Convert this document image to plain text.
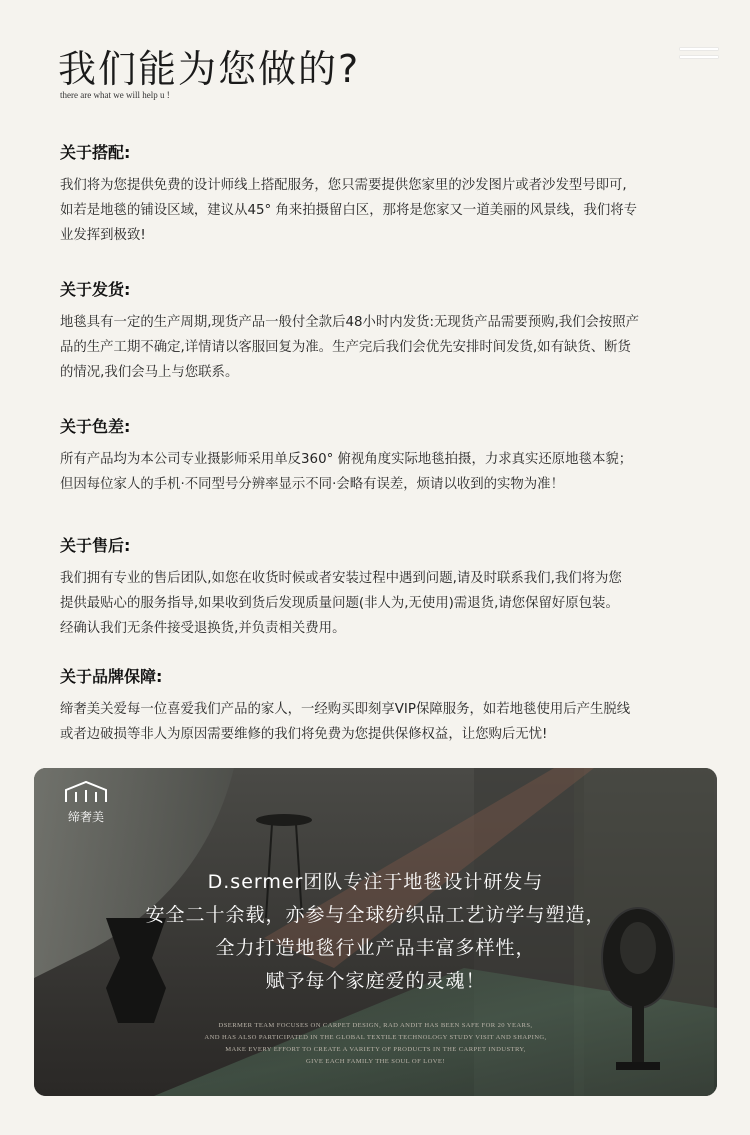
我们能为您做的?
there are what we will help u !
关于搭配:

我们将为您提供免费的设计师线上搭配服务，您只需要提供您家里的沙发图片或者沙发型号即可,
如若是地毯的铺设区域，建议从45° 角来拍摄留白区，那将是您家又一道美丽的风景线，我们将专
业发挥到极致!

关于发货:

地毯具有一定的生产周期,现货产品一般付全款后48小时内发货:无现货产品需要预购,我们会按照产
品的生产工期不确定,详情请以客服回复为准。生产完后我们会优先安排时间发货,如有缺货、断货
的情况,我们会马上与您联系。

关于色差:

所有产品均为本公司专业摄影师采用单反360° 俯视角度实际地毯拍摄，力求真实还原地毯本貌；
但因每位家人的手机·不同型号分辨率显示不同·会略有误差，烦请以收到的实物为准！

关于售后:

我们拥有专业的售后团队,如您在收货时候或者安装过程中遇到问题,请及时联系我们,我们将为您
提供最贴心的服务指导,如果收到货后发现质量问题(非人为,无使用)需退货,请您保留好原包装。
经确认我们无条件接受退换货,并负责相关费用。

关于品牌保障:

缔奢美关爱每一位喜爱我们产品的家人，一经购买即刻享VIP保障服务，如若地毯使用后产生脱线
或者边破损等非人为原因需要维修的我们将免费为您提供保修权益，让您购后无忧!

缔奢美
D.sermer团队专注于地毯设计研发与
安全二十余载，亦参与全球纺织品工艺访学与塑造，
全力打造地毯行业产品丰富多样性，
赋予每个家庭爱的灵魂！
DSERMER TEAM FOCUSES ON CARPET DESIGN, RAD ANDIT HAS BEEN SAFE FOR 20 YEARS,
AND HAS ALSO PARTICIPATED IN THE GLOBAL TEXTILE TECHNOLOGY STUDY VISIT AND SHAPING,
MAKE EVERY EFFORT TO CREATE A VARIETY OF PRODUCTS IN THE CARPET INDUSTRY,
GIVE EACH FAMILY THE SOUL OF LOVE!
